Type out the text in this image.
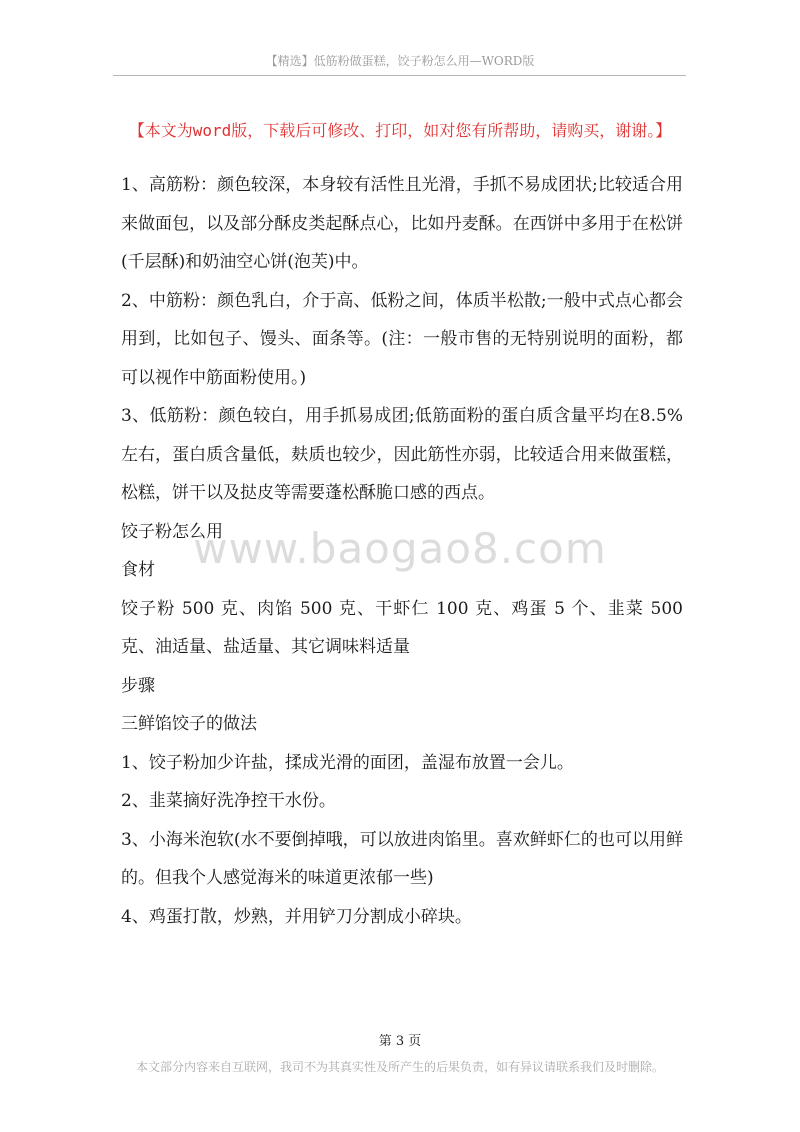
【精选】低筋粉做蛋糕，饺子粉怎么用—WORD版
【本文为word版，下载后可修改、打印，如对您有所帮助，请购买，谢谢。】

1、高筋粉：颜色较深，本身较有活性且光滑，手抓不易成团状;比较适合用来做面包，以及部分酥皮类起酥点心，比如丹麦酥。在西饼中多用于在松饼(千层酥)和奶油空心饼(泡芙)中。

2、中筋粉：颜色乳白，介于高、低粉之间，体质半松散;一般中式点心都会用到，比如包子、馒头、面条等。(注：一般市售的无特别说明的面粉，都可以视作中筋面粉使用。)

3、低筋粉：颜色较白，用手抓易成团;低筋面粉的蛋白质含量平均在8.5%左右，蛋白质含量低，麸质也较少，因此筋性亦弱，比较适合用来做蛋糕，松糕，饼干以及挞皮等需要蓬松酥脆口感的西点。

饺子粉怎么用

食材

饺子粉 500 克、肉馅 500 克、干虾仁 100 克、鸡蛋 5 个、韭菜 500 克、油适量、盐适量、其它调味料适量

步骤

三鲜馅饺子的做法

1、饺子粉加少许盐，揉成光滑的面团，盖湿布放置一会儿。

2、韭菜摘好洗净控干水份。

3、小海米泡软(水不要倒掉哦，可以放进肉馅里。喜欢鲜虾仁的也可以用鲜的。但我个人感觉海米的味道更浓郁一些)

4、鸡蛋打散，炒熟，并用铲刀分割成小碎块。

www.baogao8.com
第 3 页
本文部分内容来自互联网，我司不为其真实性及所产生的后果负责，如有异议请联系我们及时删除。
